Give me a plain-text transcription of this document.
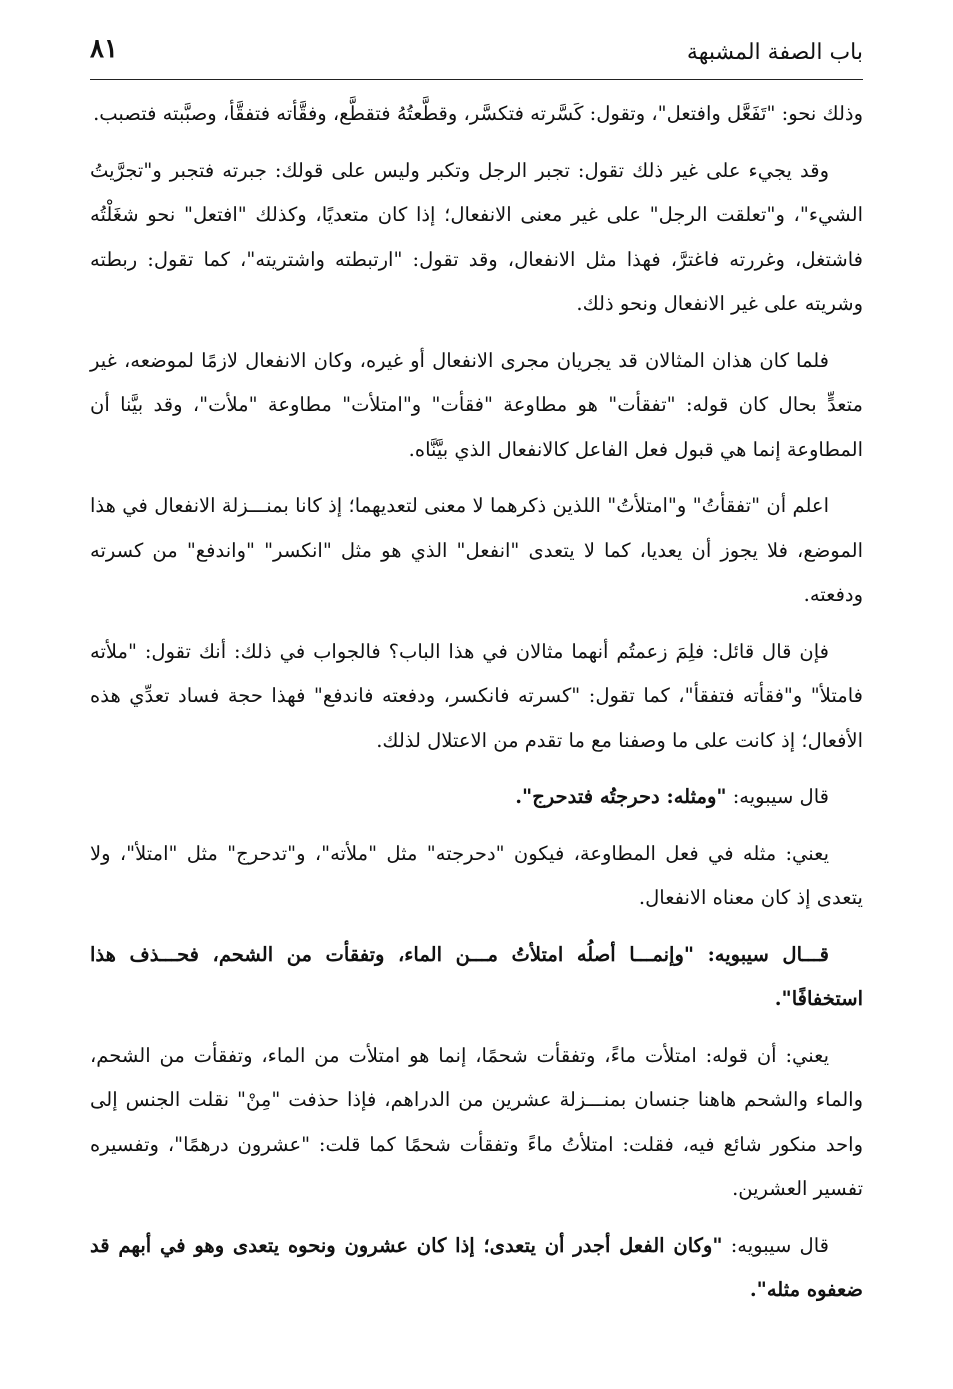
باب الصفة المشبهة
٨١

وذلك نحو: "تَفَعَّل وافتعل"، وتقول: كَسَّرته فتكسَّر، وقطَّعتُهُ فتقطَّع، وفقَّأته فتفقَّأ، وصبَّبته فتصبب.

وقد يجيء على غير ذلك تقول: تجبر الرجل وتكبر وليس على قولك: جبرته فتجبر و"تجرَّيتُ الشيء"، و"تعلقت الرجل" على غير معنى الانفعال؛ إذا كان متعديًا، وكذلك "افتعل" نحو شغَلْتُه فاشتغل، وغررته فاغترَّ، فهذا مثل الانفعال، وقد تقول: "ارتبطته واشتريته"، كما تقول: ربطته وشريته على غير الانفعال ونحو ذلك.

فلما كان هذان المثالان قد يجريان مجرى الانفعال أو غيره، وكان الانفعال لازمًا لموضعه، غير متعدٍّ بحال كان قوله: "تفقأت" هو مطاوعة "فقأت" و"امتلأت" مطاوعة "ملأت"، وقد بيَّنا أن المطاوعة إنما هي قبول فعل الفاعل كالانفعال الذي بيَّنَّاه.

اعلم أن "تفقأتُ" و"امتلأتُ" اللذين ذكرهما لا معنى لتعديهما؛ إذ كانا بمنـــزلة الانفعال في هذا الموضع، فلا يجوز أن يعديا، كما لا يتعدى "انفعل" الذي هو مثل "انكسر" "واندفع" من كسرته ودفعته.

فإن قال قائل: فلِمَ زعمتُم أنهما مثالان في هذا الباب؟ فالجواب في ذلك: أنك تقول: "ملأته فامتلأ" و"فقأته فتفقأ"، كما تقول: "كسرته فانكسر، ودفعته فاندفع" فهذا حجة فساد تعدِّي هذه الأفعال؛ إذ كانت على ما وصفنا مع ما تقدم من الاعتلال لذلك.

قال سيبويه: "ومثله: دحرجتُه فتدحرج".

يعني: مثله في فعل المطاوعة، فيكون "دحرجته" مثل "ملأته"، و"تدحرج" مثل "امتلأ"، ولا يتعدى إذ كان معناه الانفعال.

قـــال سيبويه: "وإنمـــا أصلُه امتلأتُ مـــن الماء، وتفقأت من الشحم، فحـــذف هذا استخفافًا".

يعني: أن قوله: امتلأت ماءً، وتفقأت شحمًا، إنما هو امتلأت من الماء، وتفقأت من الشحم، والماء والشحم هاهنا جنسان بمنـــزلة عشرين من الدراهم، فإذا حذفت "مِنْ" نقلت الجنس إلى واحد منكور شائع فيه، فقلت: امتلأتُ ماءً وتفقأت شحمًا كما قلت: "عشرون درهمًا"، وتفسيره تفسير العشرين.

قال سيبويه: "وكان الفعل أجدر أن يتعدى؛ إذا كان عشرون ونحوه يتعدى وهو في أبهم قد ضعفوه مثله".
